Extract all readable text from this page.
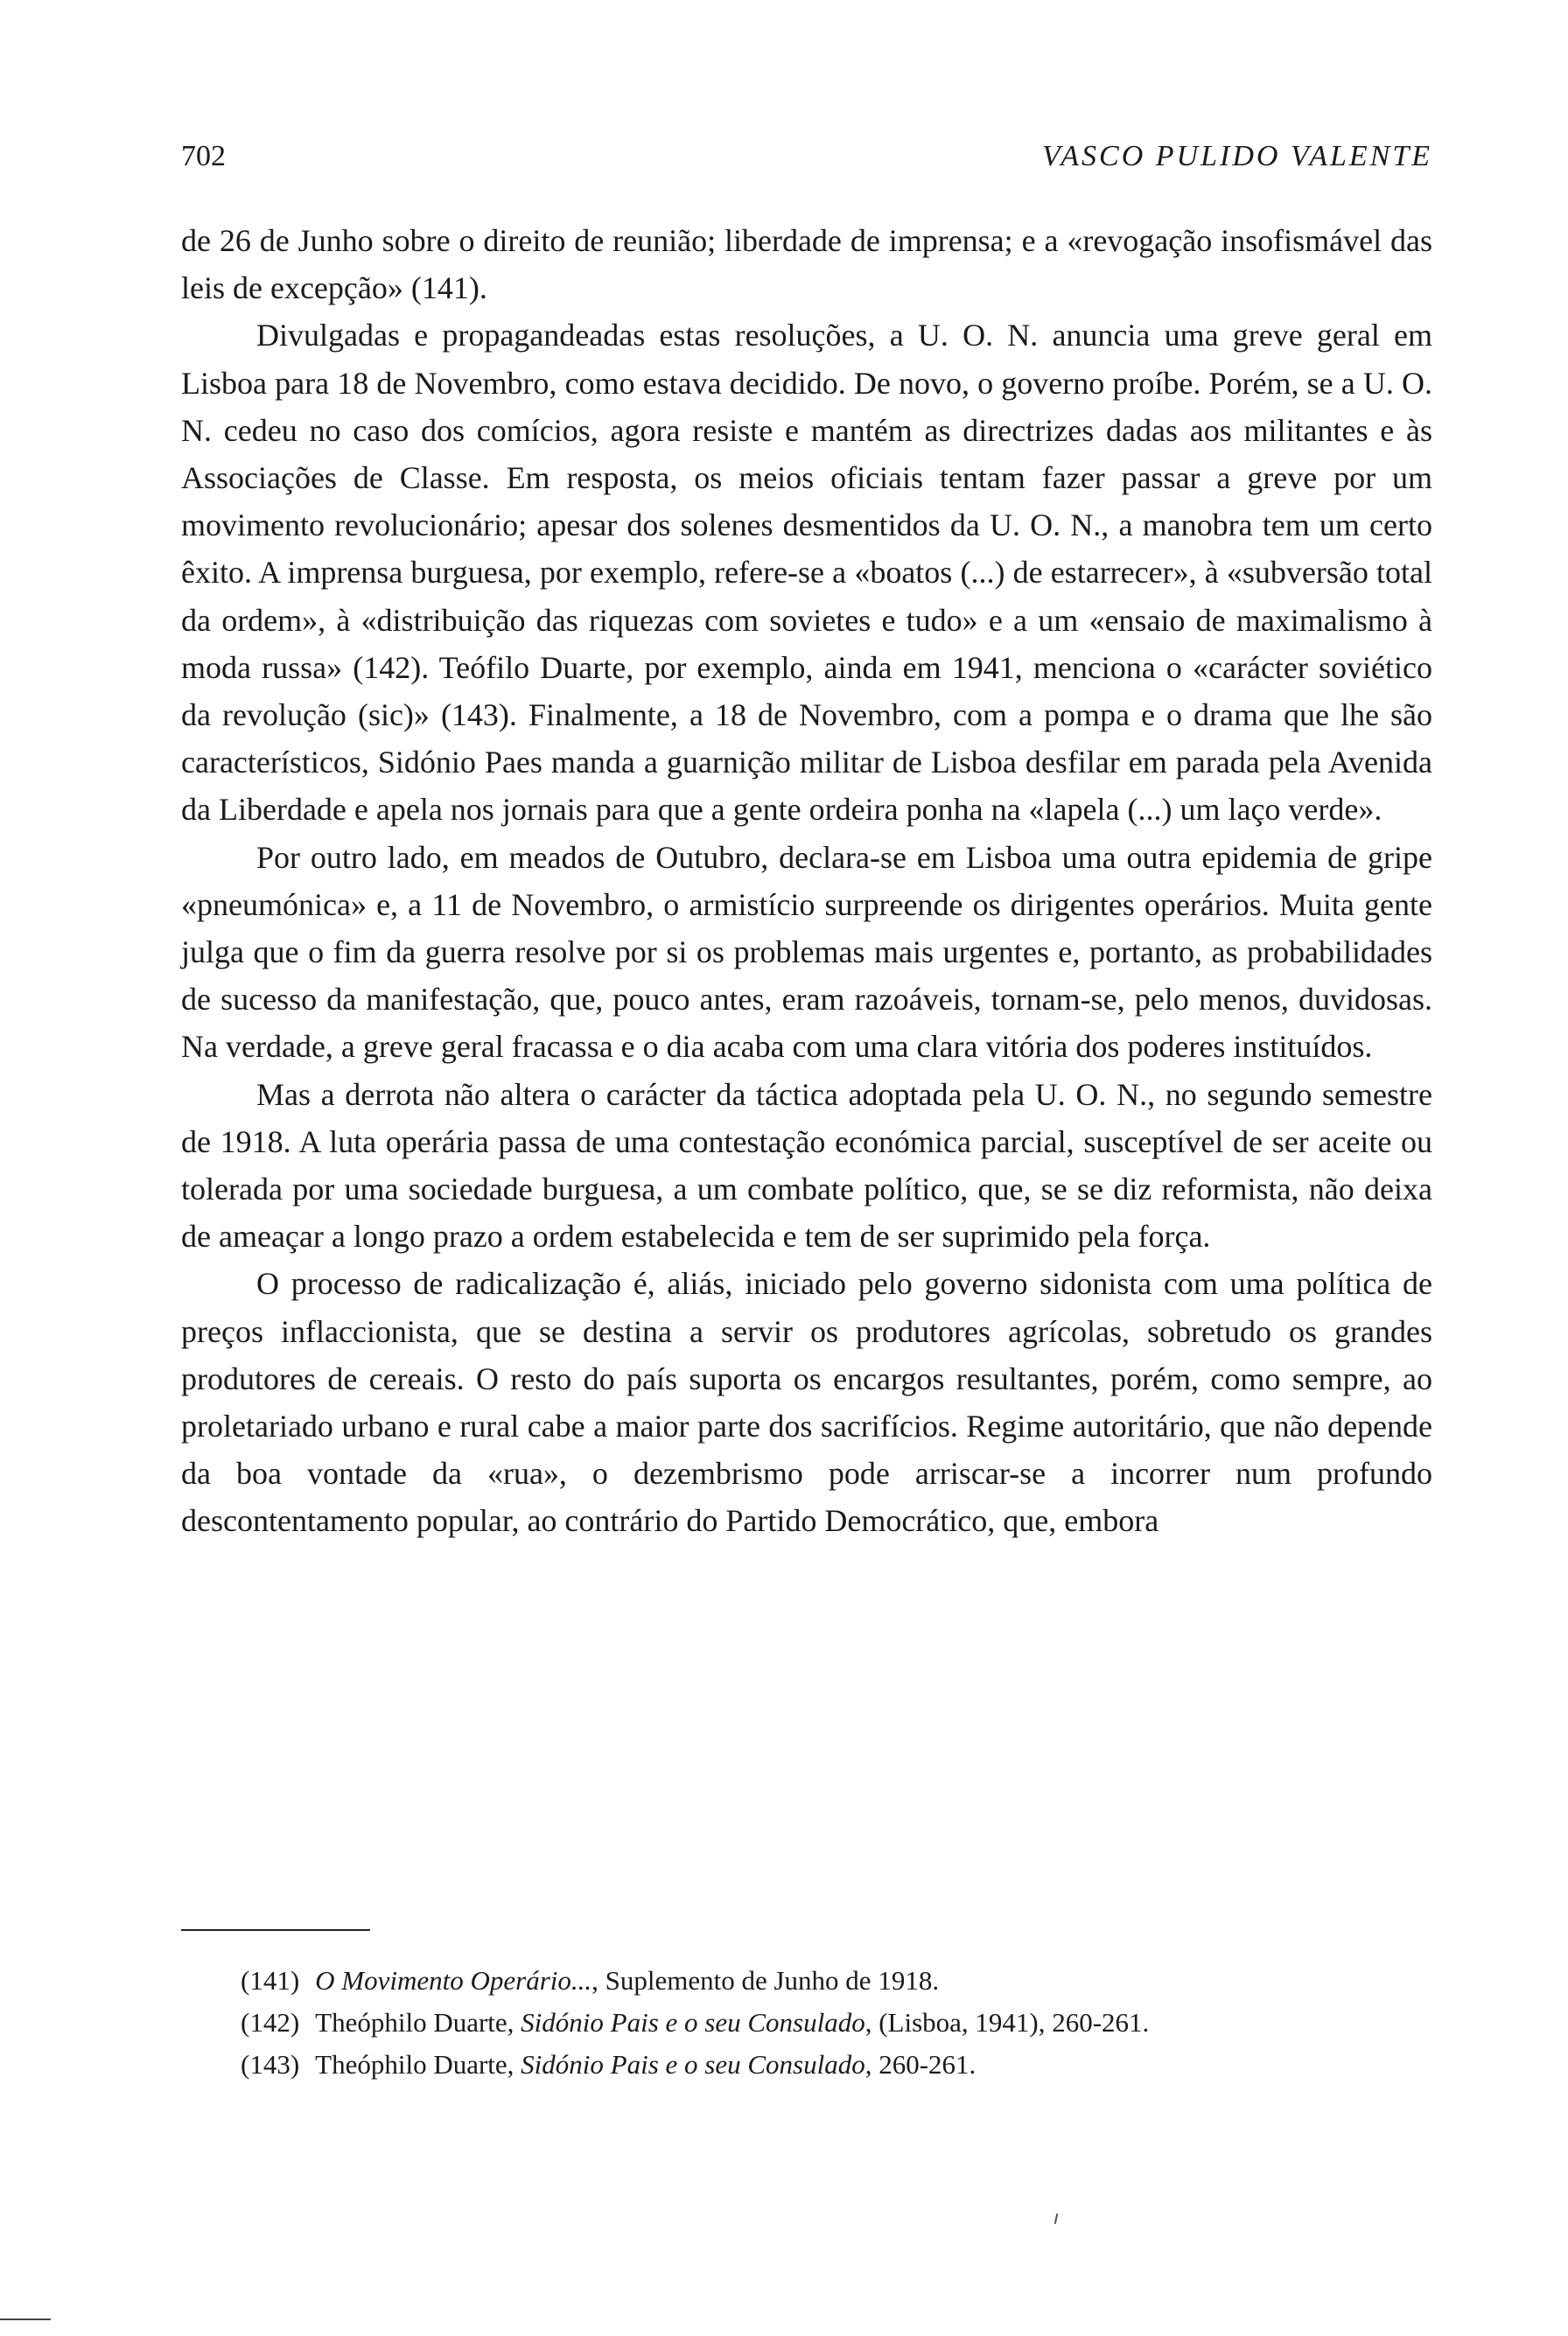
702	VASCO PULIDO VALENTE

de 26 de Junho sobre o direito de reunião; liberdade de imprensa; e a «revogação insofismável das leis de excepção» (141).

Divulgadas e propagandeadas estas resoluções, a U. O. N. anuncia uma greve geral em Lisboa para 18 de Novembro, como estava decidido. De novo, o governo proíbe. Porém, se a U. O. N. cedeu no caso dos comícios, agora resiste e mantém as directrizes dadas aos militantes e às Associações de Classe. Em resposta, os meios oficiais tentam fazer passar a greve por um movimento revolucionário; apesar dos solenes desmentidos da U. O. N., a manobra tem um certo êxito. A imprensa burguesa, por exemplo, refere-se a «boatos (...) de estarrecer», à «subversão total da ordem», à «distribuição das riquezas com sovietes e tudo» e a um «ensaio de maximalismo à moda russa» (142). Teófilo Duarte, por exemplo, ainda em 1941, menciona o «carácter soviético da revolução (sic)» (143). Finalmente, a 18 de Novembro, com a pompa e o drama que lhe são característicos, Sidónio Paes manda a guarnição militar de Lisboa desfilar em parada pela Avenida da Liberdade e apela nos jornais para que a gente ordeira ponha na «lapela (...) um laço verde».

Por outro lado, em meados de Outubro, declara-se em Lisboa uma outra epidemia de gripe «pneumónica» e, a 11 de Novembro, o armistício surpreende os dirigentes operários. Muita gente julga que o fim da guerra resolve por si os problemas mais urgentes e, portanto, as probabilidades de sucesso da manifestação, que, pouco antes, eram razoáveis, tornam-se, pelo menos, duvidosas. Na verdade, a greve geral fracassa e o dia acaba com uma clara vitória dos poderes instituídos.

Mas a derrota não altera o carácter da táctica adoptada pela U. O. N., no segundo semestre de 1918. A luta operária passa de uma contestação económica parcial, susceptível de ser aceite ou tolerada por uma sociedade burguesa, a um combate político, que, se se diz reformista, não deixa de ameaçar a longo prazo a ordem estabelecida e tem de ser suprimido pela força.

O processo de radicalização é, aliás, iniciado pelo governo sidonista com uma política de preços inflaccionista, que se destina a servir os produtores agrícolas, sobretudo os grandes produtores de cereais. O resto do país suporta os encargos resultantes, porém, como sempre, ao proletariado urbano e rural cabe a maior parte dos sacrifícios. Regime autoritário, que não depende da boa vontade da «rua», o dezembrismo pode arriscar-se a incorrer num profundo descontentamento popular, ao contrário do Partido Democrático, que, embora

(141) O Movimento Operário..., Suplemento de Junho de 1918.
(142) Theóphilo Duarte, Sidónio Pais e o seu Consulado, (Lisboa, 1941), 260-261.
(143) Theóphilo Duarte, Sidónio Pais e o seu Consulado, 260-261.
